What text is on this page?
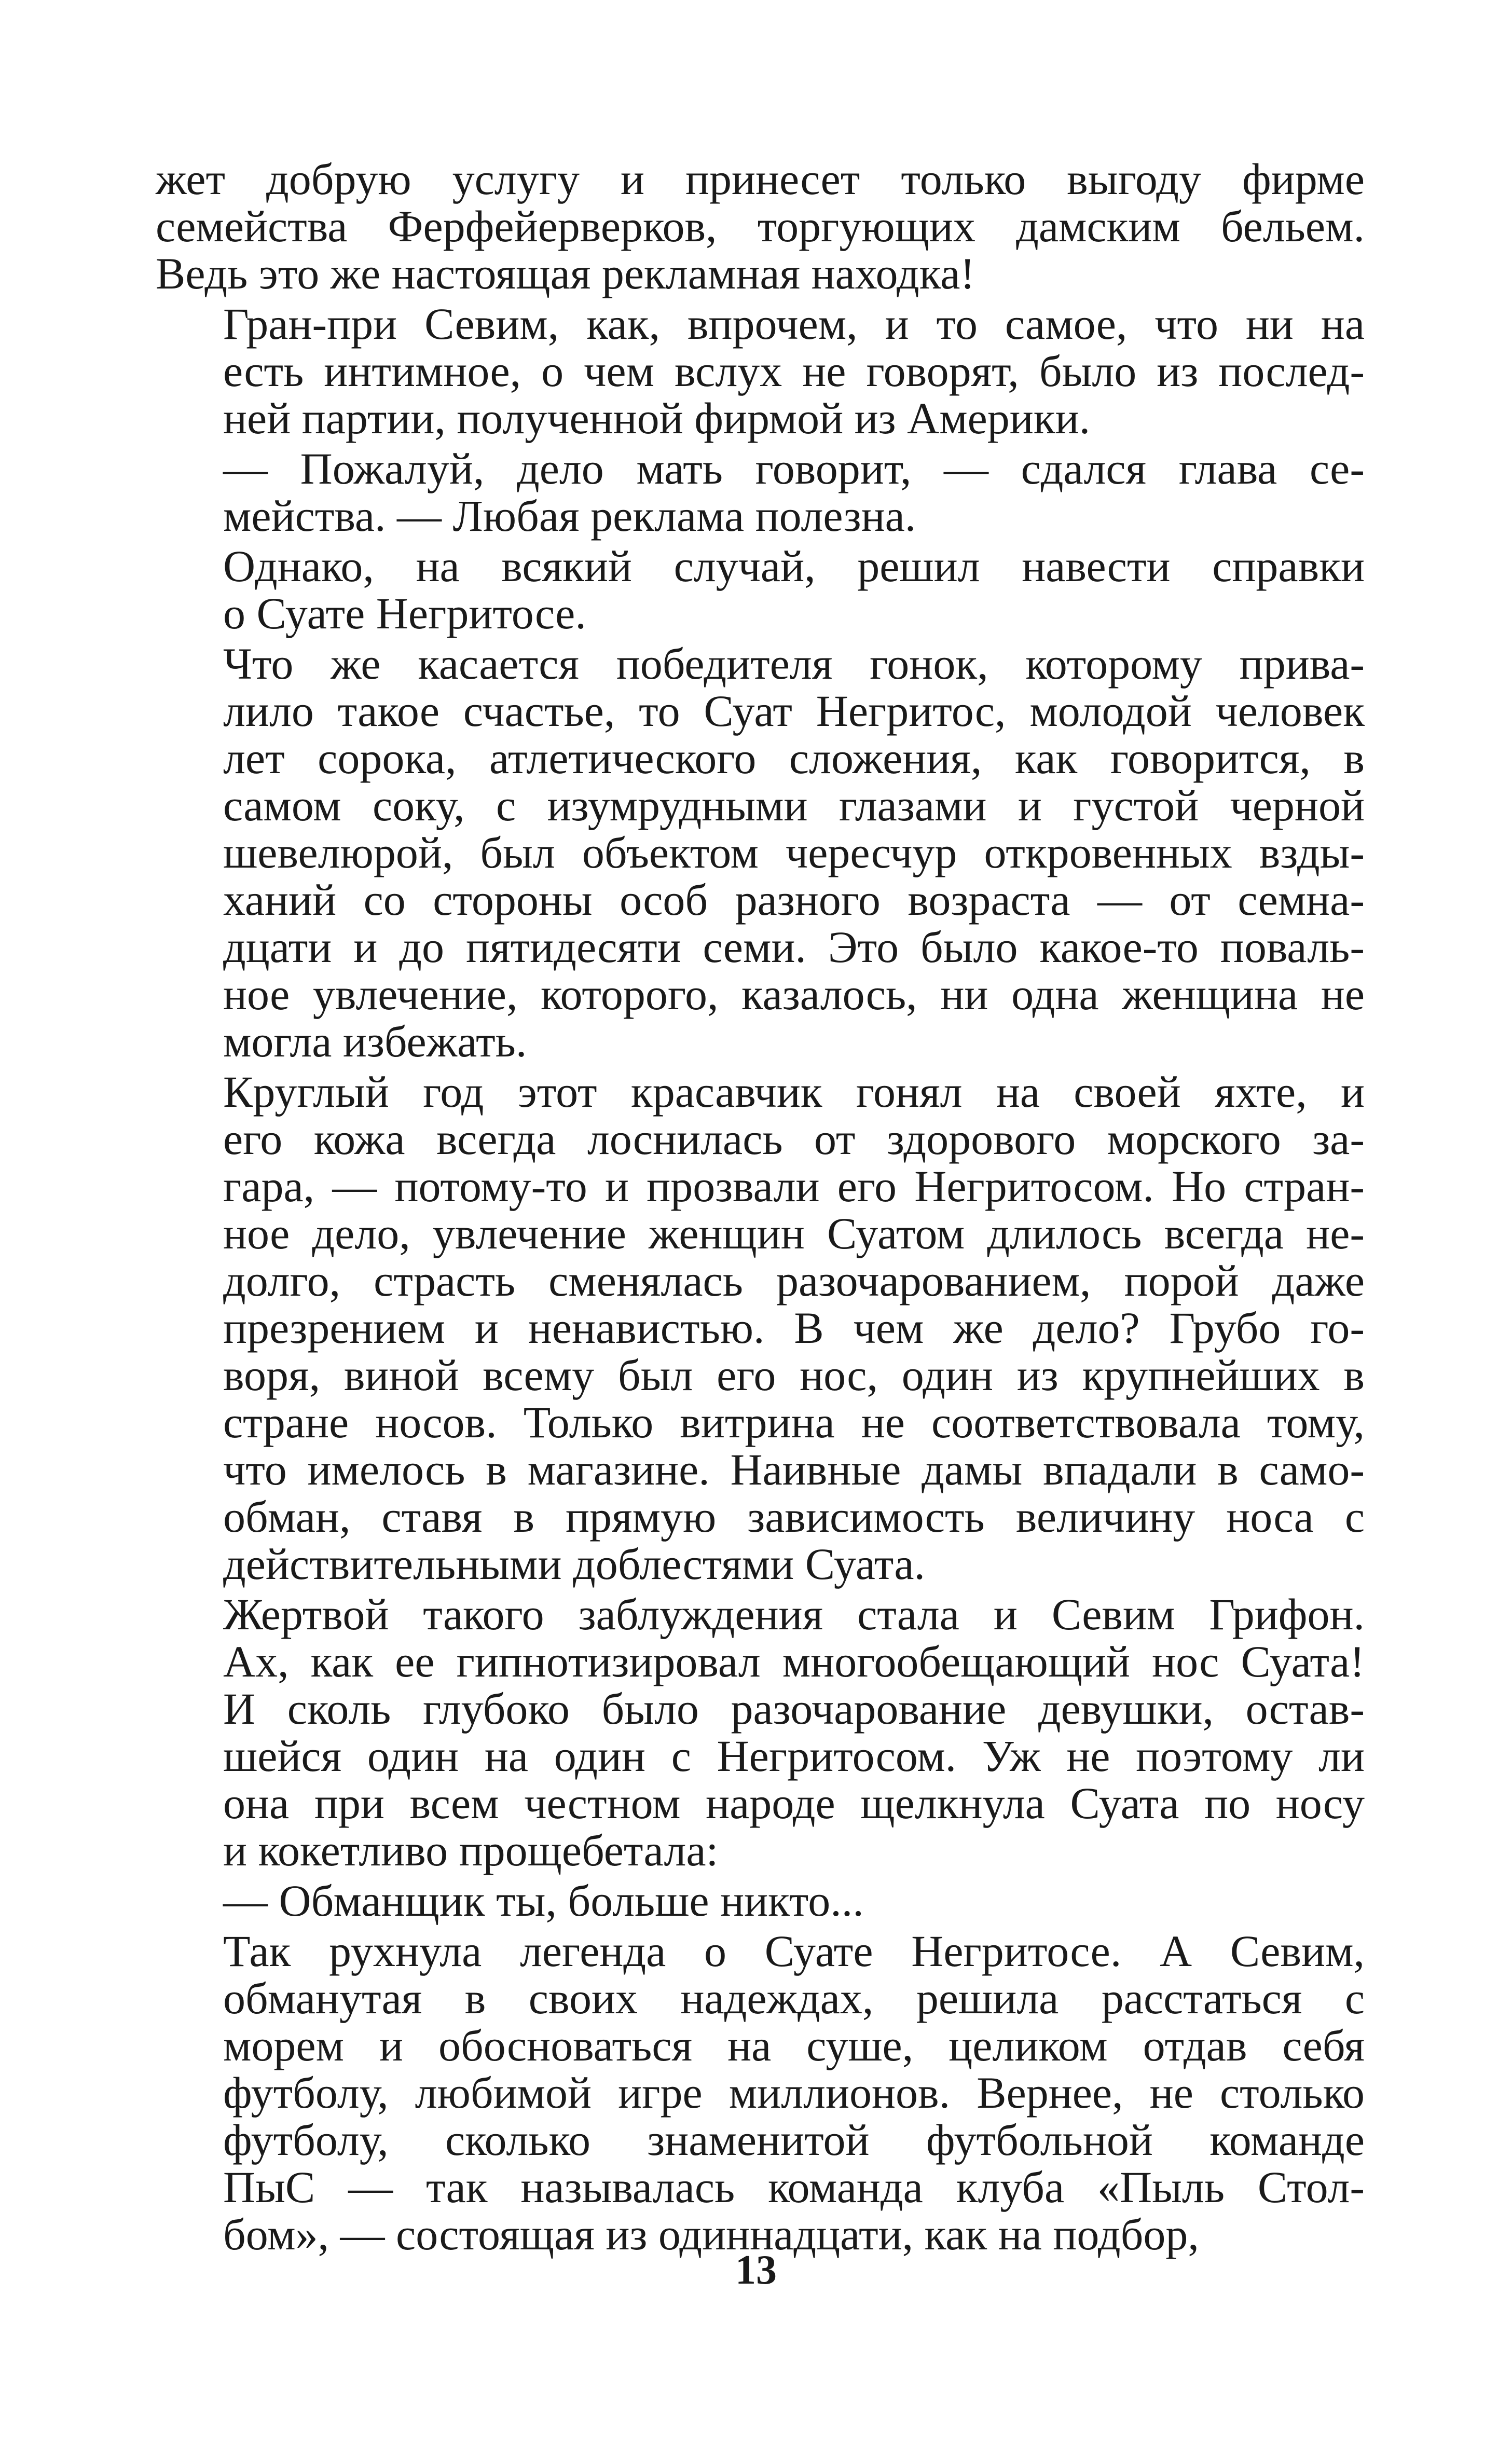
жет добрую услугу и принесет только выгоду фирме
семейства Ферфейерверков, торгующих дамским бельем.
Ведь это же настоящая рекламная находка!

Гран-при Севим, как, впрочем, и то самое, что ни на
есть интимное, о чем вслух не говорят, было из послед-
ней партии, полученной фирмой из Америки.

— Пожалуй, дело мать говорит, — сдался глава се-
мейства. — Любая реклама полезна.

Однако, на всякий случай, решил навести справки
о Суате Негритосе.

Что же касается победителя гонок, которому прива-
лило такое счастье, то Суат Негритос, молодой человек
лет сорока, атлетического сложения, как говорится, в
самом соку, с изумрудными глазами и густой черной
шевелюрой, был объектом чересчур откровенных взды-
ханий со стороны особ разного возраста — от семна-
дцати и до пятидесяти семи. Это было какое-то поваль-
ное увлечение, которого, казалось, ни одна женщина не
могла избежать.

Круглый год этот красавчик гонял на своей яхте, и
его кожа всегда лоснилась от здорового морского за-
гара, — потому-то и прозвали его Негритосом. Но стран-
ное дело, увлечение женщин Суатом длилось всегда не-
долго, страсть сменялась разочарованием, порой даже
презрением и ненавистью. В чем же дело? Грубо го-
воря, виной всему был его нос, один из крупнейших в
стране носов. Только витрина не соответствовала тому,
что имелось в магазине. Наивные дамы впадали в само-
обман, ставя в прямую зависимость величину носа с
действительными доблестями Суата.

Жертвой такого заблуждения стала и Севим Грифон.
Ах, как ее гипнотизировал многообещающий нос Суата!
И сколь глубоко было разочарование девушки, остав-
шейся один на один с Негритосом. Уж не поэтому ли
она при всем честном народе щелкнула Суата по носу
и кокетливо прощебетала:

— Обманщик ты, больше никто...

Так рухнула легенда о Суате Негритосе. А Севим,
обманутая в своих надеждах, решила расстаться с
морем и обосноваться на суше, целиком отдав себя
футболу, любимой игре миллионов. Вернее, не столько
футболу, сколько знаменитой футбольной команде
ПыС — так называлась команда клуба «Пыль Стол-
бом», — состоящая из одиннадцати, как на подбор,

13
